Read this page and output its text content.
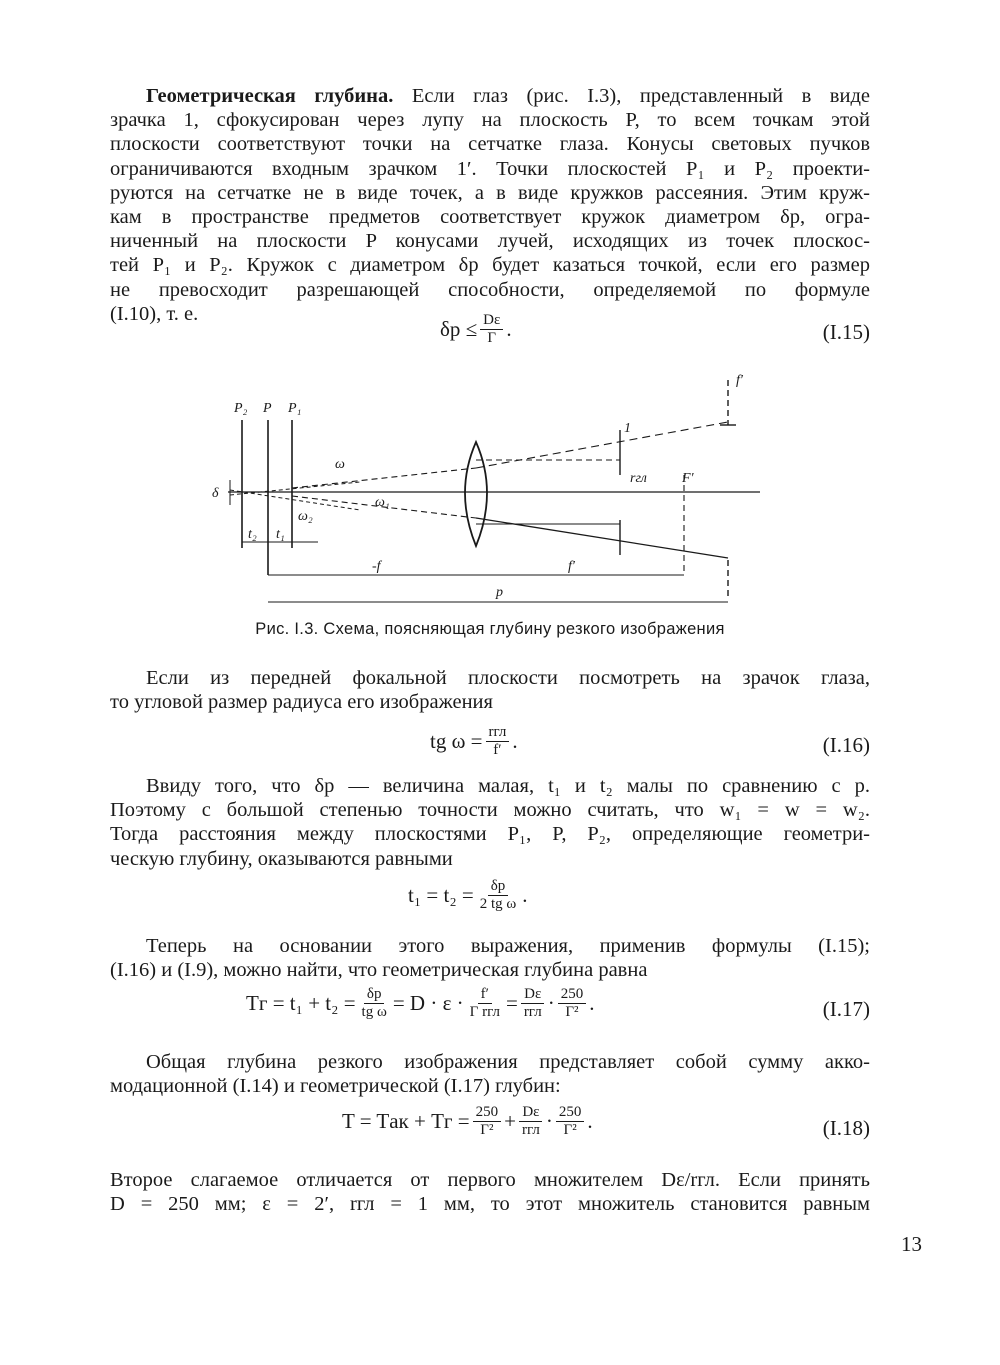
Геометрическая глубина. Если глаз (рис. I.3), представленный в виде
зрачка 1, сфокусирован через лупу на плоскость P, то всем точкам этой
плоскости соответствуют точки на сетчатке глаза. Конусы световых пучков
ограничиваются входным зрачком 1′. Точки плоскостей P₁ и P₂ проекти-
руются на сетчатке не в виде точек, а в виде кружков рассеяния. Этим круж-
кам в пространстве предметов соответствует кружок диаметром δp, огра-
ниченный на плоскости P конусами лучей, исходящих из точек плоскос-
тей P₁ и P₂. Кружок с диаметром δp будет казаться точкой, если его размер
не превосходит разрешающей способности, определяемой по формуле
(I.10), т. е.
$\delta p \le \frac{D\varepsilon}{Г}$ .	(I.15)
P₂ P P₁
δ
ω
ω₁
ω₂
t₂ t₁
-f	f′
F′
rгл
p
f′
1
Рис. I.3. Схема, поясняющая глубину резкого изображения
Если из передней фокальной плоскости посмотреть на зрачок глаза,
то угловой размер радиуса его изображения
tg $\omega = \frac{\text{rгл}}{f'}$ .	(I.16)
Ввиду того, что δp — величина малая, t₁ и t₂ малы по сравнению с p.
Поэтому с большой степенью точности можно считать, что w₁ = w = w₂.
Тогда расстояния между плоскостями P₁, P, P₂, определяющие геометри-
ческую глубину, оказываются равными
$t_1 = t_2 = \frac{\delta p}{\text{2 tg ω}}$ .
Теперь на основании этого выражения, применив формулы (I.15);
(I.16) и (I.9), можно найти, что геометрическая глубина равна
Tг = $t_1 + t_2 = \frac{\delta p}{\text{tg ω}} = D \cdot \varepsilon \cdot \frac{f'}{\text{Г rгл}} = \frac{D\varepsilon}{\text{rгл}} \cdot \frac{250}{\text{Г²}}$ .	(I.17)
Общая глубина резкого изображения представляет собой сумму акко-
модационной (I.14) и геометрической (I.17) глубин:
T = Tак + Tг = $\frac{250}{\text{Г²}} + \frac{D\varepsilon}{\text{rгл}} \cdot \frac{250}{\text{Г²}}$ .	(I.18)
Второе слагаемое отличается от первого множителем Dε/rгл. Если принять
D = 250 мм; ε = 2′, rгл = 1 мм, то этот множитель становится равным
13
